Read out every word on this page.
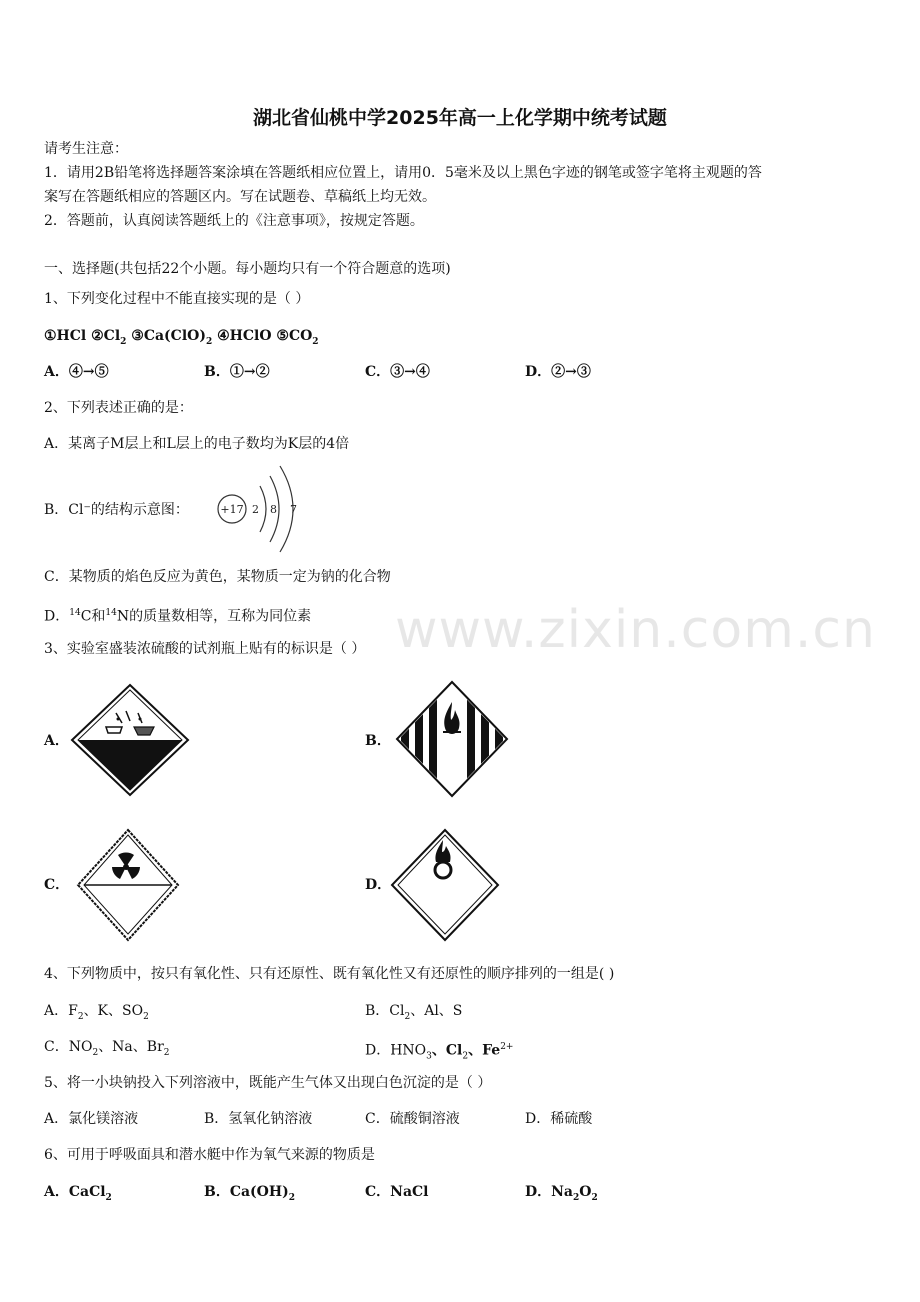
湖北省仙桃中学2025年高一上化学期中统考试题
请考生注意：
1．请用2B铅笔将选择题答案涂填在答题纸相应位置上，请用0．5毫米及以上黑色字迹的钢笔或签字笔将主观题的答
案写在答题纸相应的答题区内。写在试题卷、草稿纸上均无效。
2．答题前，认真阅读答题纸上的《注意事项》，按规定答题。
一、选择题(共包括22个小题。每小题均只有一个符合题意的选项)
1、下列变化过程中不能直接实现的是（ ）
①HCl $②Cl_2$ $③Ca(ClO)_2$ ④HClO $⑤CO_2$
A．④→⑤	B．①→②	C．③→④	D．②→③
2、下列表述正确的是：
A．某离子M层上和L层上的电子数均为K层的4倍
B．Cl⁻的结构示意图：	+17 2 8 7
C．某物质的焰色反应为黄色，某物质一定为钠的化合物
D．$^{14}$C和$^{14}$N的质量数相等，互称为同位素
3、实验室盛装浓硫酸的试剂瓶上贴有的标识是（ ）
A．	B．
C．	D．
www.zixin.com.cn
4、下列物质中，按只有氧化性、只有还原性、既有氧化性又有还原性的顺序排列的一组是( )
A．$F_2$、K、$SO_2$	B．$Cl_2$、Al、S
C．$NO_2$、Na、$Br_2$	D．$HNO_3$、$Cl_2$、$Fe^{2+}$
5、将一小块钠投入下列溶液中，既能产生气体又出现白色沉淀的是（ ）
A．氯化镁溶液	B．氢氧化钠溶液	C．硫酸铜溶液	D．稀硫酸
6、可用于呼吸面具和潜水艇中作为氧气来源的物质是
A．CaCl$_2$	B．$Ca(OH)_2$	C．NaCl	D．$Na_2O_2$
